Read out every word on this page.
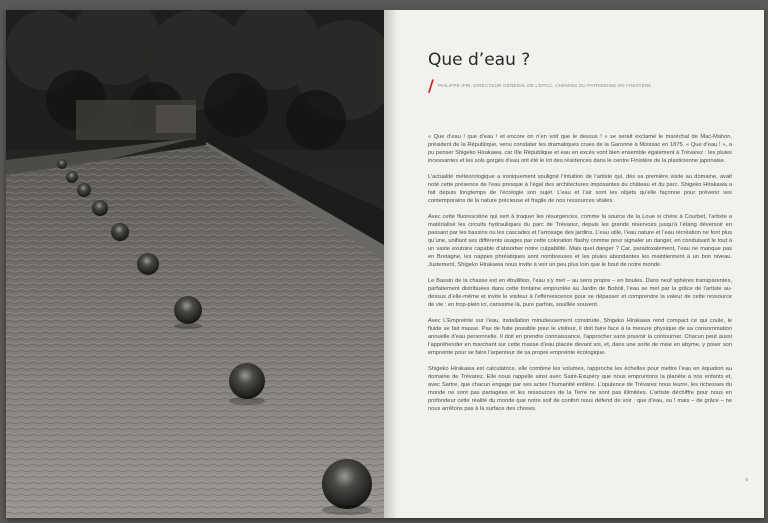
Que d’eau ?
/ PHILIPPE IFRI, DIRECTEUR GÉNÉRAL DE L’EPCC, CHEMINS DU PATRIMOINE EN FINISTÈRE

« Que d’eau ! que d’eau ! et encore on n’en voit que le dessus ! » se serait exclamé le maréchal de Mac-Mahon, président de la République, venu constater les dramatiques crues de la Garonne à Moissac en 1875. « Que d’eau ! », a pu penser Shigeko Hirakawa, car IIIe République et eau en excès vont bien ensemble également à Trévarez : les pluies incessantes et les sols gorgés d’eau ont été le lot des résidences dans le centre Finistère de la plasticienne japonaise.

L’actualité météorologique a ironiquement souligné l’intuition de l’artiste qui, dès sa première visite au domaine, avait noté cette présence de l’eau presque à l’égal des architectures imposantes du château et du parc. Shigeko Hirakawa a fait depuis longtemps de l’écologie son sujet. L’eau et l’air sont les objets qu’elle façonne pour prévenir ses contemporains de la nature précieuse et fragile de nos ressources vitales.

Avec cette fluorescéine qui sert à traquer les résurgences, comme la source de la Loue si chère à Courbet, l’artiste a matérialisé les circuits hydrauliques du parc de Trévarez, depuis les grands réservoirs jusqu’à l’étang déversoir en passant par les bassins ou les cascades et l’arrosage des jardins. L’eau utile, l’eau nature et l’eau récréation ne font plus qu’une, unifiant ses différents usages par cette coloration flashy comme pour signaler un danger, en conduisant le tout à un vaste exutoire capable d’absorber notre culpabilité. Mais quel danger ? Car, paradoxalement, l’eau ne manque pas en Bretagne, les nappes phréatiques sont nombreuses et les pluies abondantes les maintiennent à un bon niveau. Justement, Shigeko Hirakawa nous invite à voir un peu plus loin que le bout de notre monde.

Le Bassin de la chasse est en ébullition, l’eau s’y met – au sens propre – en boules. Dans neuf sphères transparentes, parfaitement distribuées dans cette fontaine empruntée au Jardin de Boboli, l’eau se met par la grâce de l’artiste au-dessus d’elle-même et invite le visiteur à l’effervescence pour se dépasser et comprendre la valeur de cette ressource de vie : en trop-plein ici, carissime là, pure parfois, souillée souvent.

Avec L’Empreinte sur l’eau, installation minutieusement construite, Shigeko Hirakawa rend compact ce qui coule, le fluide se fait masse. Pas de fuite possible pour le visiteur, il doit faire face à la mesure physique de sa consommation annuelle d’eau personnelle. Il doit en prendre connaissance, l’approcher sans pouvoir la contourner. Chacun peut aussi l’appréhender en marchant sur cette masse d’eau placée devant soi, et, dans une sorte de mise en abyme, y poser son empreinte pour se faire l’arpenteur de sa propre empreinte écologique.

Shigeko Hirakawa est calculatrice, elle combine les volumes, rapproche les échelles pour mettre l’eau en équation au domaine de Trévarez. Elle nous rappelle ainsi avec Saint-Exupéry que nous empruntons la planète à nos enfants et, avec Sartre, que chacun engage par ses actes l’humanité entière. L’opulence de Trévarez nous leurre, les richesses du monde ne sont pas partagées et les ressources de la Terre ne sont pas illimitées. L’artiste déchiffre pour nous en profondeur cette réalité du monde que notre soif de confort nous défend de voir : que d’eau, ou ! mais – de grâce – ne nous arrêtons pas à la surface des choses.

5
